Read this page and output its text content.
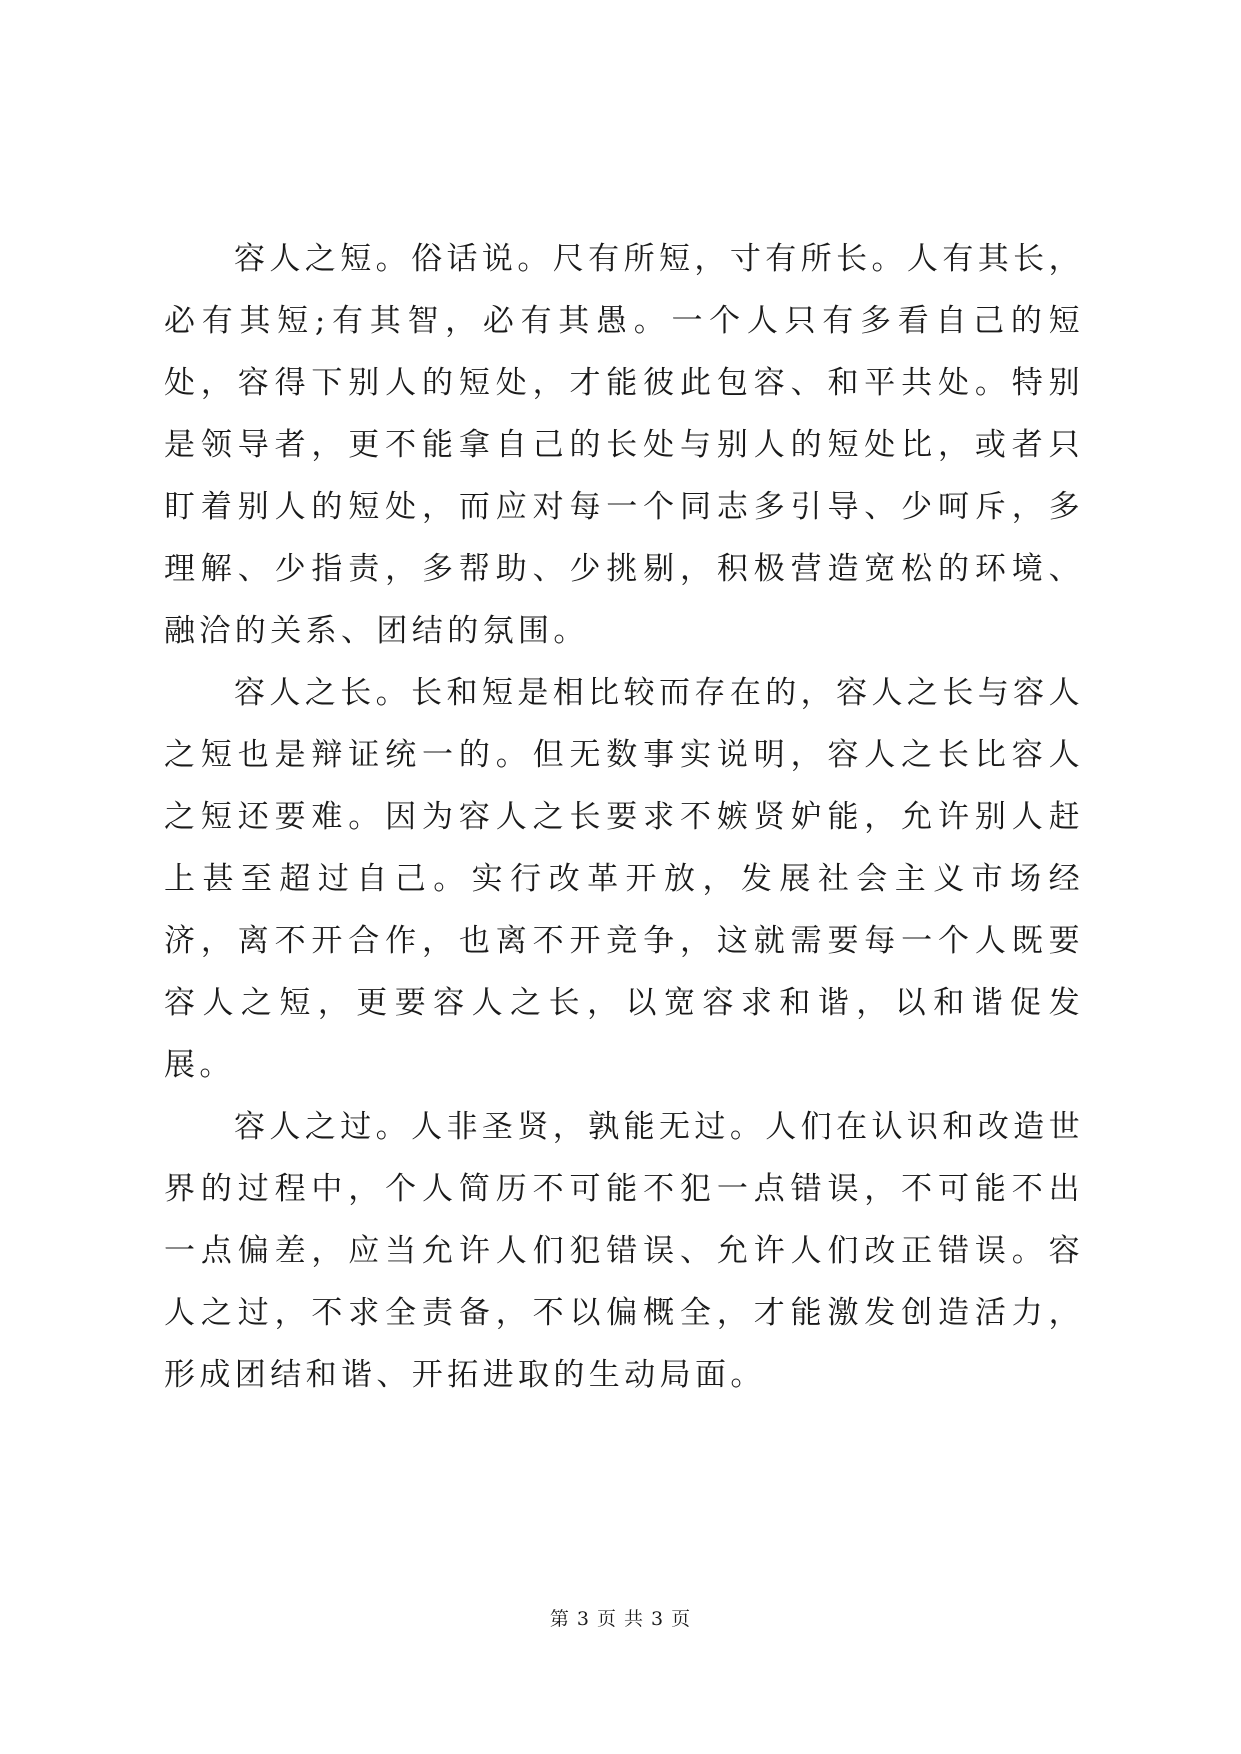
容人之短。俗话说。尺有所短，寸有所长。人有其长，必有其短;有其智，必有其愚。一个人只有多看自己的短处，容得下别人的短处，才能彼此包容、和平共处。特别是领导者，更不能拿自己的长处与别人的短处比，或者只盯着别人的短处，而应对每一个同志多引导、少呵斥，多理解、少指责，多帮助、少挑剔，积极营造宽松的环境、融洽的关系、团结的氛围。

容人之长。长和短是相比较而存在的，容人之长与容人之短也是辩证统一的。但无数事实说明，容人之长比容人之短还要难。因为容人之长要求不嫉贤妒能，允许别人赶上甚至超过自己。实行改革开放，发展社会主义市场经济，离不开合作，也离不开竞争，这就需要每一个人既要容人之短，更要容人之长，以宽容求和谐，以和谐促发展。

容人之过。人非圣贤，孰能无过。人们在认识和改造世界的过程中，个人简历不可能不犯一点错误，不可能不出一点偏差，应当允许人们犯错误、允许人们改正错误。容人之过，不求全责备，不以偏概全，才能激发创造活力，形成团结和谐、开拓进取的生动局面。

第 3 页 共 3 页
